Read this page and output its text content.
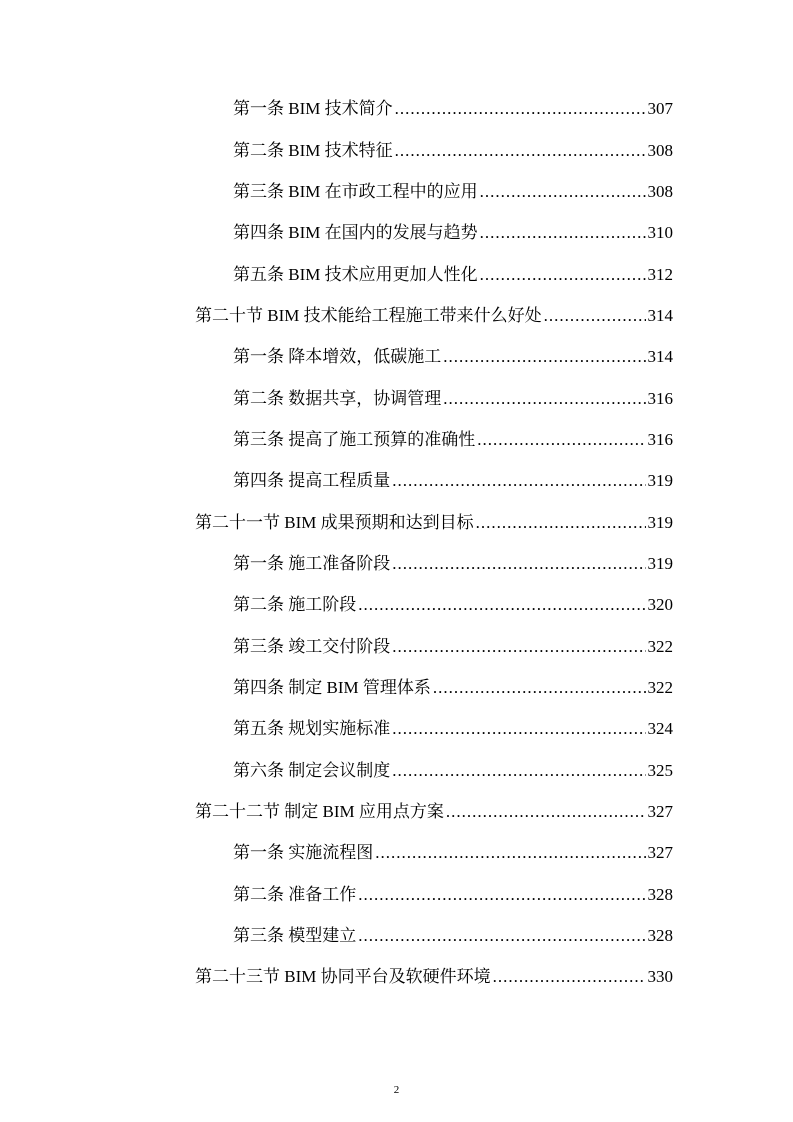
第一条 BIM 技术简介 .....	307
第二条 BIM 技术特征 .....	308
第三条 BIM 在市政工程中的应用 .....	308
第四条 BIM 在国内的发展与趋势 .....	310
第五条 BIM 技术应用更加人性化 .....	312
第二十节 BIM 技术能给工程施工带来什么好处 .....	314
第一条 降本增效，低碳施工 .....	314
第二条 数据共享，协调管理 .....	316
第三条 提高了施工预算的准确性 .....	316
第四条 提高工程质量 .....	319
第二十一节 BIM 成果预期和达到目标 .....	319
第一条 施工准备阶段 .....	319
第二条 施工阶段 .....	320
第三条 竣工交付阶段 .....	322
第四条 制定 BIM 管理体系 .....	322
第五条 规划实施标准 .....	324
第六条 制定会议制度 .....	325
第二十二节 制定 BIM 应用点方案 .....	327
第一条 实施流程图 .....	327
第二条 准备工作 .....	328
第三条 模型建立 .....	328
第二十三节 BIM 协同平台及软硬件环境 .....	330
2
